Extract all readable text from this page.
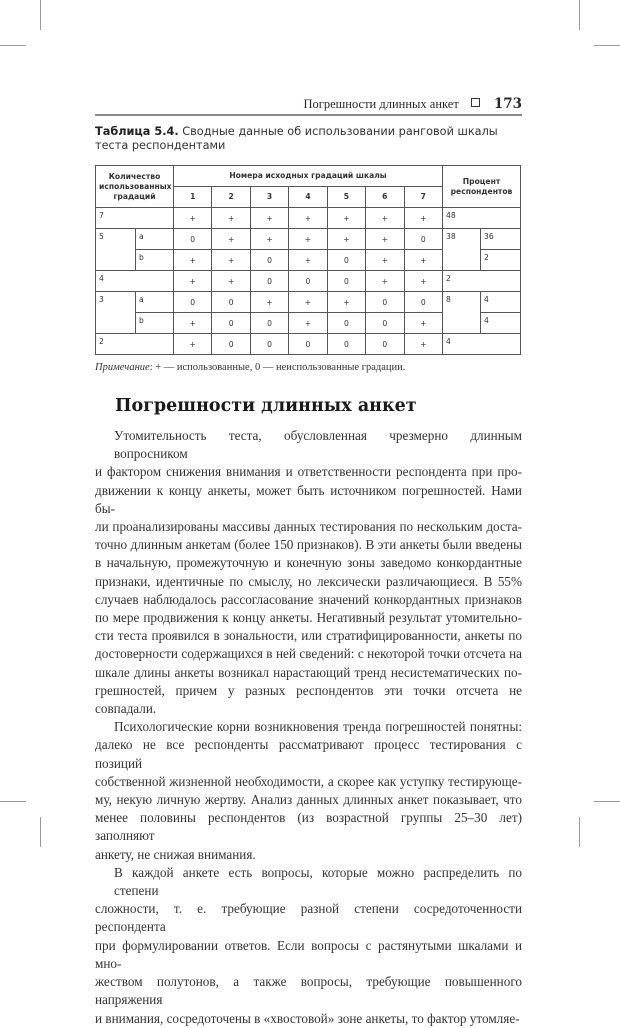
Погрешности длинных анкет	173
Таблица 5.4. Сводные данные об использовании ранговой шкалы теста респондентами
Количество использованных градаций		Номера исходных градаций шкалы							Процент респондентов	
		1	2	3	4	5	6	7		
7		+	+	+	+	+	+	+	48	
5	a	0	+	+	+	+	+	0	38	36
	b	+	+	0	+	0	+	+		2
4		+	+	0	0	0	+	+	2	
3	a	0	0	+	+	+	0	0	8	4
	b	+	0	0	+	0	0	+		4
2		+	0	0	0	0	0	+	4	
Примечание: + — использованные, 0 — неиспользованные градации.
Погрешности длинных анкет
Утомительность теста, обусловленная чрезмерно длинным вопросником
и фактором снижения внимания и ответственности респондента при про-
движении к концу анкеты, может быть источником погрешностей. Нами бы-
ли проанализированы массивы данных тестирования по нескольким доста-
точно длинным анкетам (более 150 признаков). В эти анкеты были введены
в начальную, промежуточную и конечную зоны заведомо конкордантные
признаки, идентичные по смыслу, но лексически различающиеся. В 55%
случаев наблюдалось рассогласование значений конкордантных признаков
по мере продвижения к концу анкеты. Негативный результат утомительно-
сти теста проявился в зональности, или стратифицированности, анкеты по
достоверности содержащихся в ней сведений: с некоторой точки отсчета на
шкале длины анкеты возникал нарастающий тренд несистематических по-
грешностей, причем у разных респондентов эти точки отсчета не совпадали.
Психологические корни возникновения тренда погрешностей понятны:
далеко не все респонденты рассматривают процесс тестирования с позиций
собственной жизненной необходимости, а скорее как уступку тестирующе-
му, некую личную жертву. Анализ данных длинных анкет показывает, что
менее половины респондентов (из возрастной группы 25–30 лет) заполняют
анкету, не снижая внимания.
В каждой анкете есть вопросы, которые можно распределить по степени
сложности, т. е. требующие разной степени сосредоточенности респондента
при формулировании ответов. Если вопросы с растянутыми шкалами и мно-
жеством полутонов, а также вопросы, требующие повышенного напряжения
и внимания, сосредоточены в «хвостовой» зоне анкеты, то фактор утомляе-
